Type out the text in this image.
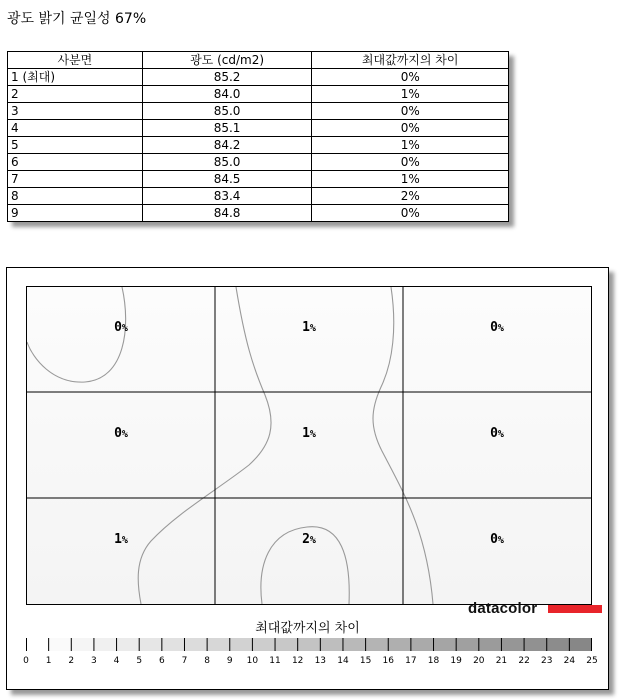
광도 밝기 균일성 67%
사분면	광도 (cd/m2)	최대값까지의 차이
1 (최대)	85.2	0%
2	84.0	1%
3	85.0	0%
4	85.1	0%
5	84.2	1%
6	85.0	0%
7	84.5	1%
8	83.4	2%
9	84.8	0%
0%	1%	0%
0%	1%	0%
1%	2%	0%
datacolor
최대값까지의 차이
0	1	2	3	4	5	6	7	8	9	10	11	12	13	14	15	16	17	18	19	20	21	22	23	24	25
